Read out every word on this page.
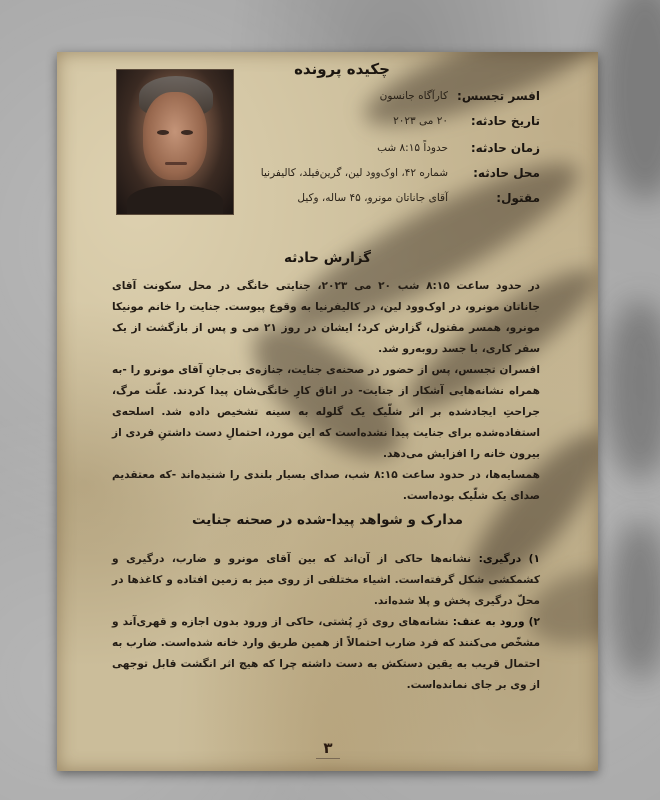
چکیده پرونده
افسر تجسس:
کارآگاه جانسون
تاریخ حادثه:
۲۰ می ۲۰۲۳
زمان حادثه:
حدوداً ۸:۱۵ شب
محل حادثه:
شماره ۴۲، اوک‌وود لین، گرین‌فیلد، کالیفرنیا
مقتول:
آقای جاناتان مونرو، ۴۵ ساله، وکیل
گزارش حادثه

در حدود ساعت ۸:۱۵ شب ۲۰ می ۲۰۲۳، جنایتی خانگی در محل سکونت آقای جاناتان مونرو، در اوک‌وود لین، در کالیفرنیا به وقوع پیوست. جنایت را خانم مونیکا مونرو، همسر مقتول، گزارش کرد؛ ایشان در روز ۲۱ می و پس از بازگشت از یک سفر کاری، با جسد روبه‌رو شد.

افسران تجسس، پس از حضور در صحنه‌ی جنایت، جنازه‌ی بی‌جانِ آقای مونرو را -به همراه نشانه‌هایی آشکار از جنایت- در اتاق کارِ خانگی‌شان پیدا کردند. علّت مرگ، جراحتِ ایجاد‌شده بر اثر شلّیک یک گلوله به سینه تشخیص داده شد. اسلحه‌ی استفاده‌شده برای جنایت پیدا نشده‌است که این مورد، احتمالِ دست داشتنِ فردی از بیرون خانه را افزایش می‌دهد.

همسایه‌ها، در حدود ساعت ۸:۱۵ شب، صدای بسیار بلندی را شنیده‌اند -که معتقدیم صدای یک شلّیک بوده‌است.

مدارک و شواهد پیدا-شده در صحنه جنایت

۱) درگیری: نشانه‌ها حاکی از آن‌اند که بین آقای مونرو و ضارب، درگیری و کشمکشی شکل گرفته‌است. اشیاء مختلفی از روی میز به زمین افتاده و کاغذها در محلّ درگیری پخش و پلا شده‌اند.

۲) ورود به عنف: نشانه‌های روی دَرِ پُشتی، حاکی از ورود بدون اجازه و قهری‌آند و مشخّص می‌کنند که فرد ضارب احتمالاً از همین طریق وارد خانه شده‌است. ضارب به احتمال قریب به یقین دستکش به دست داشته چرا که هیچ اثر انگشت قابل توجهی از وی بر جای نمانده‌است.

۳
